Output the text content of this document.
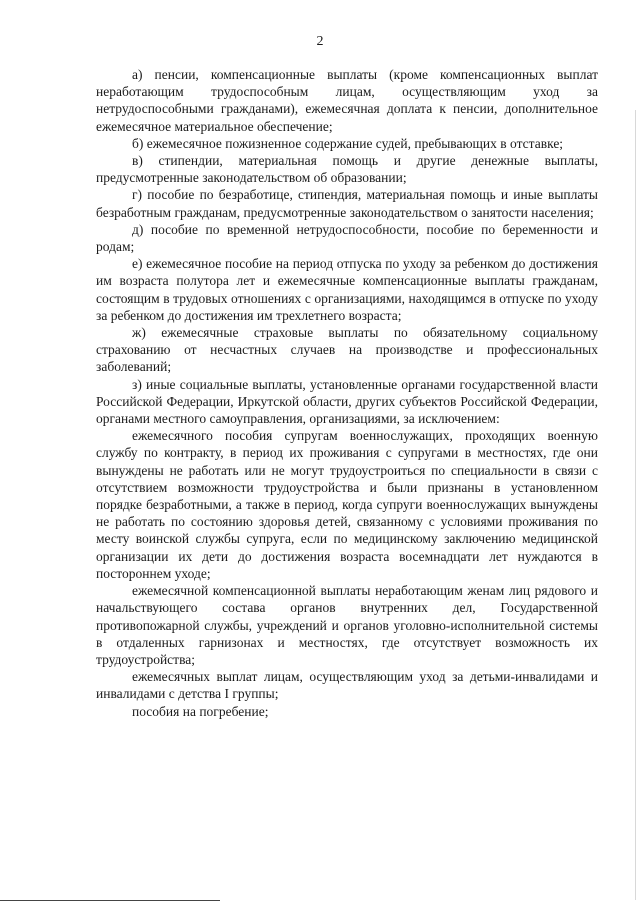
2

а) пенсии, компенсационные выплаты (кроме компенсационных выплат неработающим трудоспособным лицам, осуществляющим уход за нетрудоспособными гражданами), ежемесячная доплата к пенсии, дополнительное ежемесячное материальное обеспечение;

б) ежемесячное пожизненное содержание судей, пребывающих в отставке;

в) стипендии, материальная помощь и другие денежные выплаты, предусмотренные законодательством об образовании;

г) пособие по безработице, стипендия, материальная помощь и иные выплаты безработным гражданам, предусмотренные законодательством о занятости населения;

д) пособие по временной нетрудоспособности, пособие по беременности и родам;

е) ежемесячное пособие на период отпуска по уходу за ребенком до достижения им возраста полутора лет и ежемесячные компенсационные выплаты гражданам, состоящим в трудовых отношениях с организациями, находящимся в отпуске по уходу за ребенком до достижения им трехлетнего возраста;

ж) ежемесячные страховые выплаты по обязательному социальному страхованию от несчастных случаев на производстве и профессиональных заболеваний;

з) иные социальные выплаты, установленные органами государственной власти Российской Федерации, Иркутской области, других субъектов Российской Федерации, органами местного самоуправления, организациями, за исключением:

ежемесячного пособия супругам военнослужащих, проходящих военную службу по контракту, в период их проживания с супругами в местностях, где они вынуждены не работать или не могут трудоустроиться по специальности в связи с отсутствием возможности трудоустройства и были признаны в установленном порядке безработными, а также в период, когда супруги военнослужащих вынуждены не работать по состоянию здоровья детей, связанному с условиями проживания по месту воинской службы супруга, если по медицинскому заключению медицинской организации их дети до достижения возраста восемнадцати лет нуждаются в постороннем уходе;

ежемесячной компенсационной выплаты неработающим женам лиц рядового и начальствующего состава органов внутренних дел, Государственной противопожарной службы, учреждений и органов уголовно-исполнительной системы в отдаленных гарнизонах и местностях, где отсутствует возможность их трудоустройства;

ежемесячных выплат лицам, осуществляющим уход за детьми-инвалидами и инвалидами с детства I группы;

пособия на погребение;
